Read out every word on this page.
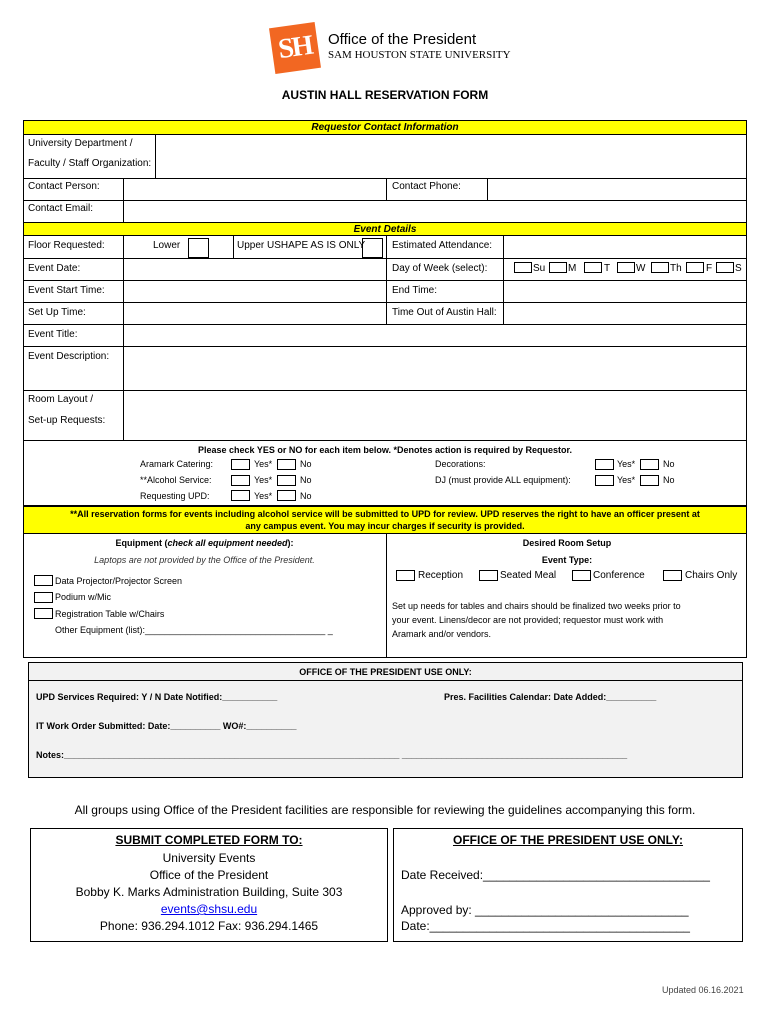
SH Office of the President
SAM HOUSTON STATE UNIVERSITY
AUSTIN HALL RESERVATION FORM
Requestor Contact Information
University Department /
Faculty / Staff Organization:
Contact Person:	Contact Phone:
Contact Email:
Event Details
Floor Requested:	Lower	Upper USHAPE AS IS ONLY	Estimated Attendance:
Event Date:	Day of Week (select):	Su M	T	W Th F S
Event Start Time:	End Time:
Set Up Time:	Time Out of Austin Hall:
Event Title:
Event Description:
Room Layout /
Set-up Requests:
Please check YES or NO for each item below. *Denotes action is required by Requestor.
Aramark Catering:	Yes*	No
**Alcohol Service:	Yes*	No
Requesting UPD:	Yes*	No
Decorations:	Yes*	No
DJ (must provide ALL equipment):	Yes*	No
**All reservation forms for events including alcohol service will be submitted to UPD for review. UPD reserves the right to have an officer present at
any campus event. You may incur charges if security is provided.
Equipment (check all equipment needed):
Laptops are not provided by the Office of the President.
Data Projector/Projector Screen
Podium w/Mic
Registration Table w/Chairs
Other Equipment (list):____________________________________ _
Desired Room Setup
Event Type:
Reception	Seated Meal	Conference	Chairs Only
Set up needs for tables and chairs should be finalized two weeks prior to
your event. Linens/decor are not provided; requestor must work with
Aramark and/or vendors.
OFFICE OF THE PRESIDENT USE ONLY:
UPD Services Required: Y / N Date Notified:___________	Pres. Facilities Calendar: Date Added:__________
IT Work Order Submitted: Date:__________ WO#:__________
Notes:___________________________________________________________________ _____________________________________________
All groups using Office of the President facilities are responsible for reviewing the guidelines accompanying this form.
SUBMIT COMPLETED FORM TO:
University Events
Office of the President
Bobby K. Marks Administration Building, Suite 303
events@shsu.edu
Phone: 936.294.1012 Fax: 936.294.1465
OFFICE OF THE PRESIDENT USE ONLY:
Date Received:__________________________________
Approved by: ________________________________
Date:_______________________________________
Updated 06.16.2021
